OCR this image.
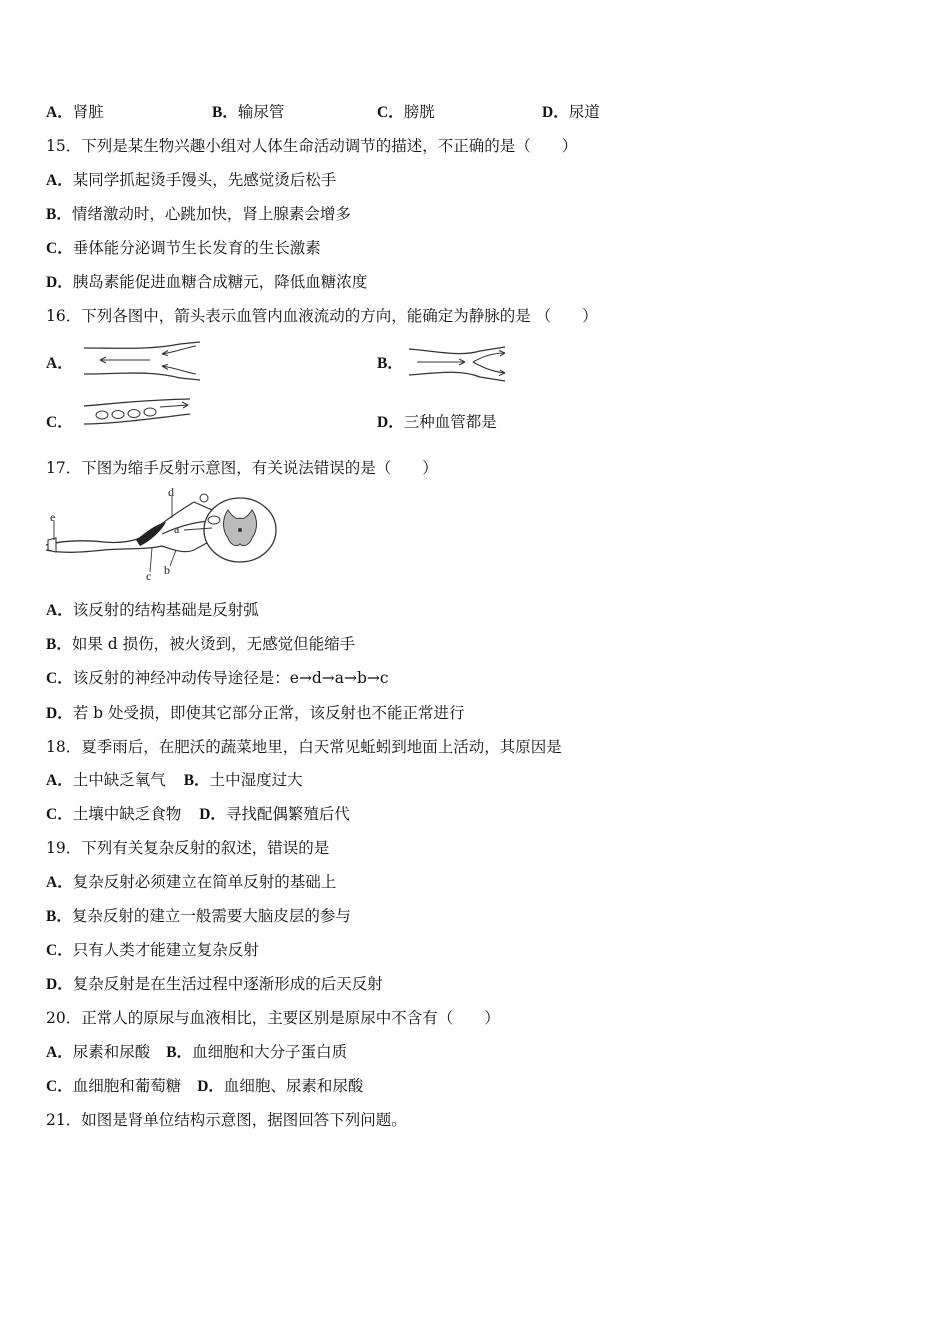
A．肾脏	B．输尿管	C．膀胱	D．尿道
15．下列是某生物兴趣小组对人体生命活动调节的描述，不正确的是（　　）
A．某同学抓起烫手馒头，先感觉烫后松手
B．情绪激动时，心跳加快，肾上腺素会增多
C．垂体能分泌调节生长发育的生长激素
D．胰岛素能促进血糖合成糖元，降低血糖浓度
16．下列各图中，箭头表示血管内血液流动的方向，能确定为静脉的是 （　　）
A．	B．
C．	D．三种血管都是
17．下图为缩手反射示意图，有关说法错误的是（　　）
d
e
a
c b
A．该反射的结构基础是反射弧
B．如果 d 损伤，被火烫到，无感觉但能缩手
C．该反射的神经冲动传导途径是：e→d→a→b→c
D．若 b 处受损，即使其它部分正常，该反射也不能正常进行
18．夏季雨后，在肥沃的蔬菜地里，白天常见蚯蚓到地面上活动，其原因是
A．土中缺乏氧气 B．土中湿度过大
C．土壤中缺乏食物 D．寻找配偶繁殖后代
19．下列有关复杂反射的叙述，错误的是
A．复杂反射必须建立在简单反射的基础上
B．复杂反射的建立一般需要大脑皮层的参与
C．只有人类才能建立复杂反射
D．复杂反射是在生活过程中逐渐形成的后天反射
20．正常人的原尿与血液相比，主要区别是原尿中不含有（　　）
A．尿素和尿酸 B．血细胞和大分子蛋白质
C．血细胞和葡萄糖 D．血细胞、尿素和尿酸
21．如图是肾单位结构示意图，据图回答下列问题。
